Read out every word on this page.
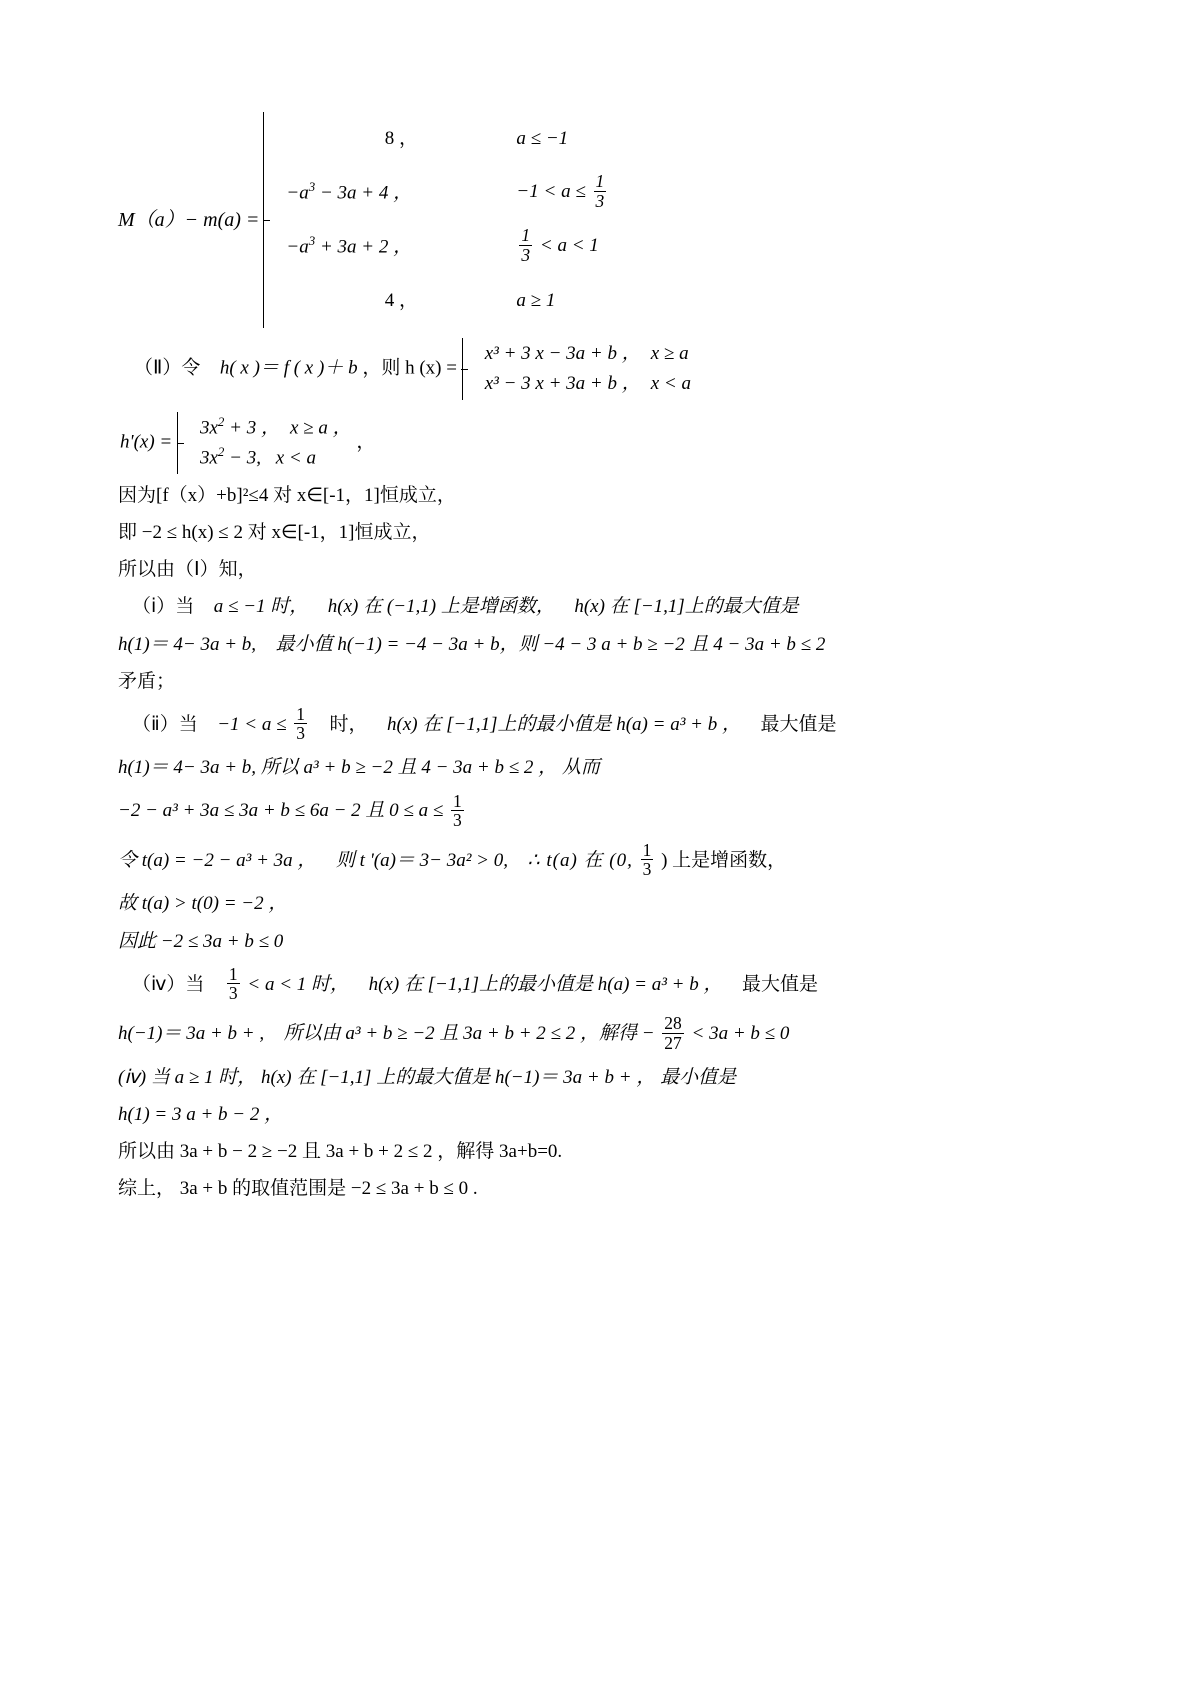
M（a）− m(a) =
8 ，	a ≤ −1
$-a^3 - 3a + 4$ ，	$-1 < a \le \frac{1}{3}$
$-a^3 + 3a + 2$ ，	$\frac{1}{3} < a < 1$
4 ，	a ≥ 1
（Ⅱ）令 h( x )＝ f ( x )＋ b ，则 h (x) =
x³ + 3 x − 3a + b ， x ≥ a
x³ − 3 x + 3a + b ， x < a
h'(x) =
$3x^2 + 3$ ， x ≥ a ，
$3x^2 - 3$, x < a
，
因为[f（x）+b]²≤4 对 x∈[-1，1]恒成立，
即 −2 ≤ h(x) ≤ 2 对 x∈[-1，1]恒成立，
所以由（Ⅰ）知，
（ⅰ）当 a ≤ −1 时， h(x) 在 (−1,1) 上是增函数， h(x) 在 [−1,1]上的最大值是
h(1)＝ 4− 3a + b, 最小值 h(−1) = −4 − 3a + b，则 −4 − 3 a + b ≥ −2 且 4 − 3a + b ≤ 2
矛盾；
（ⅱ）当 $-1 < a \le \frac{1}{3}$ 时， h(x) 在 [−1,1]上的最小值是 h(a) = a³ + b ， 最大值是
h(1)＝ 4− 3a + b, 所以 a³ + b ≥ −2 且 4 − 3a + b ≤ 2 ， 从而
−2 − a³ + 3a ≤ 3a + b ≤ 6a − 2 且 $0 \le a \le \frac{1}{3}$
令 t(a) = −2 − a³ + 3a ， 则 t '(a)＝ 3− 3a² > 0, ∴ t(a) 在 (0, $\frac{1}{3}$ ) 上是增函数，
故 t(a) > t(0) = −2 ，
因此 −2 ≤ 3a + b ≤ 0
（ⅳ）当 $\frac{1}{3} < a < 1$ 时， h(x) 在 [−1,1]上的最小值是 h(a) = a³ + b ， 最大值是
h(−1)＝ 3a + b + , 所以由 a³ + b ≥ −2 且 3a + b + 2 ≤ 2 ，解得 − $\frac{28}{27} < 3a + b \le 0$
(ⅳ) 当 a ≥ 1 时， h(x) 在 [−1,1] 上的最大值是 h(−1)＝ 3a + b + ， 最小值是
h(1) = 3 a + b − 2 ，
所以由 3a + b − 2 ≥ −2 且 3a + b + 2 ≤ 2 ，解得 3a+b=0.
综上， 3a + b 的取值范围是 −2 ≤ 3a + b ≤ 0 .
